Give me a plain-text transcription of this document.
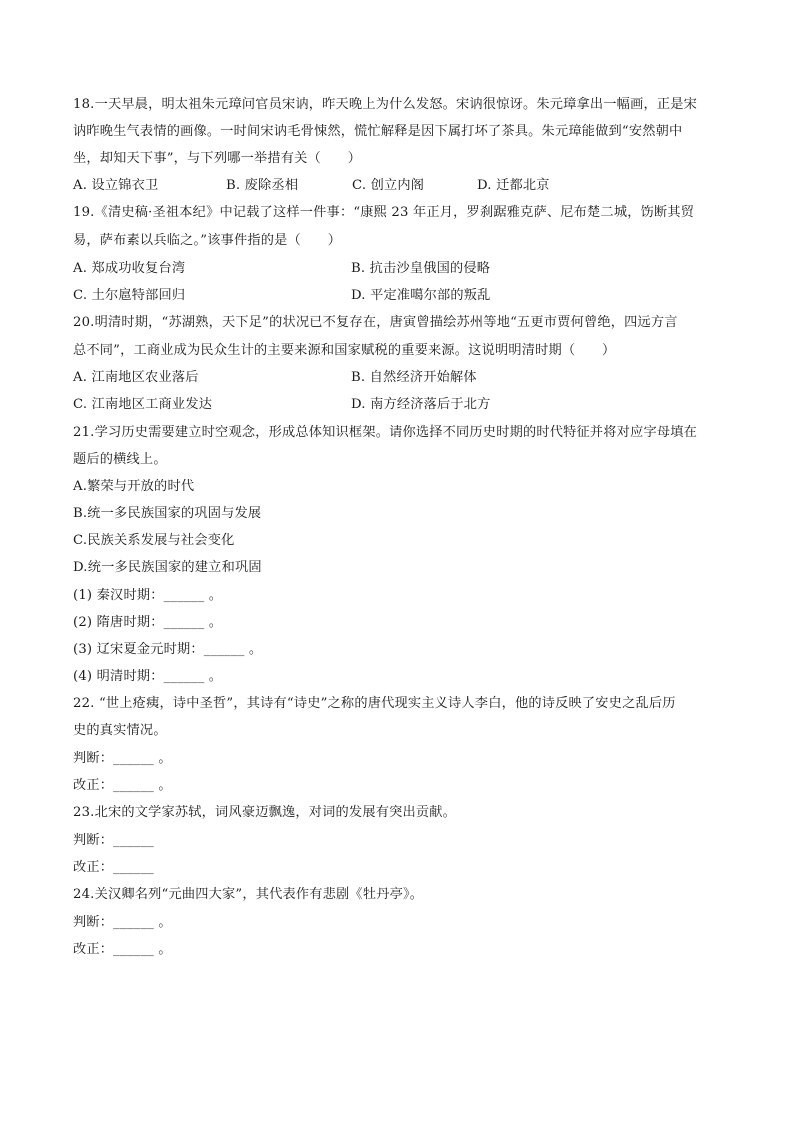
18.一天早晨，明太祖朱元璋问官员宋讷，昨天晚上为什么发怒。宋讷很惊讶。朱元璋拿出一幅画，正是宋
讷昨晚生气表情的画像。一时间宋讷毛骨悚然，慌忙解释是因下属打坏了茶具。朱元璋能做到“安然朝中
坐，却知天下事”，与下列哪一举措有关（　　）
A. 设立锦衣卫	B. 废除丞相	C. 创立内阁	D. 迁都北京
19.《清史稿·圣祖本纪》中记载了这样一件事：“康熙 23 年正月，罗刹踞雅克萨、尼布楚二城，饬断其贸
易，萨布素以兵临之。”该事件指的是（　　）
A. 郑成功收复台湾	B. 抗击沙皇俄国的侵略
C. 土尔扈特部回归	D. 平定准噶尔部的叛乱
20.明清时期，“苏湖熟，天下足”的状况已不复存在，唐寅曾描绘苏州等地“五更市贾何曾绝，四远方言
总不同”，工商业成为民众生计的主要来源和国家赋税的重要来源。这说明明清时期（　　）
A. 江南地区农业落后	B. 自然经济开始解体
C. 江南地区工商业发达	D. 南方经济落后于北方
21.学习历史需要建立时空观念，形成总体知识框架。请你选择不同历史时期的时代特征并将对应字母填在
题后的横线上。
A.繁荣与开放的时代
B.统一多民族国家的巩固与发展
C.民族关系发展与社会变化
D.统一多民族国家的建立和巩固
(1) 秦汉时期：______ 。
(2) 隋唐时期：______ 。
(3) 辽宋夏金元时期：______ 。
(4) 明清时期：______ 。
22. “世上疮痍，诗中圣哲”，其诗有“诗史”之称的唐代现实主义诗人李白，他的诗反映了安史之乱后历
史的真实情况。
判断：______ 。
改正：______ 。
23.北宋的文学家苏轼，词风豪迈飘逸，对词的发展有突出贡献。
判断：______
改正：______
24.关汉卿名列“元曲四大家”，其代表作有悲剧《牡丹亭》。
判断：______ 。
改正：______ 。
